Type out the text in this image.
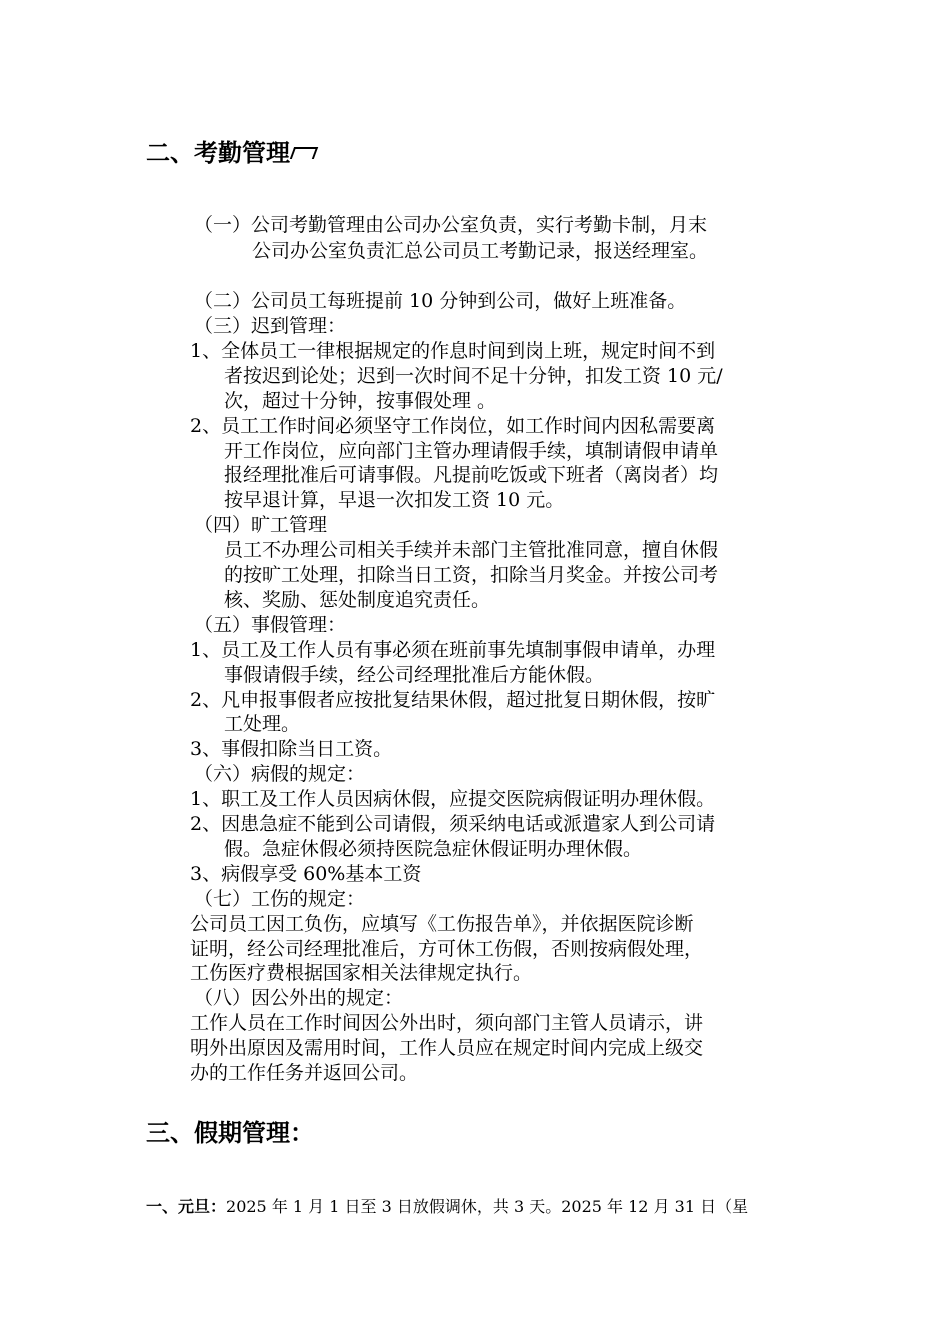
二、考勤管理
（一）公司考勤管理由公司办公室负责，实行考勤卡制，月末
公司办公室负责汇总公司员工考勤记录，报送经理室。
（二）公司员工每班提前 10 分钟到公司，做好上班准备。
（三）迟到管理：
1、全体员工一律根据规定的作息时间到岗上班，规定时间不到
者按迟到论处；迟到一次时间不足十分钟，扣发工资 10 元/
次，超过十分钟，按事假处理 。
2、员工工作时间必须坚守工作岗位，如工作时间内因私需要离
开工作岗位，应向部门主管办理请假手续，填制请假申请单
报经理批准后可请事假。凡提前吃饭或下班者（离岗者）均
按早退计算，早退一次扣发工资 10 元。
（四）旷工管理
员工不办理公司相关手续并未部门主管批准同意，擅自休假
的按旷工处理，扣除当日工资，扣除当月奖金。并按公司考
核、奖励、惩处制度追究责任。
（五）事假管理：
1、员工及工作人员有事必须在班前事先填制事假申请单，办理
事假请假手续，经公司经理批准后方能休假。
2、凡申报事假者应按批复结果休假，超过批复日期休假，按旷
工处理。
3、事假扣除当日工资。
（六）病假的规定：
1、职工及工作人员因病休假，应提交医院病假证明办理休假。
2、因患急症不能到公司请假，须采纳电话或派遣家人到公司请
假。急症休假必须持医院急症休假证明办理休假。
3、病假享受 60%基本工资
（七）工伤的规定：
公司员工因工负伤，应填写《工伤报告单》，并依据医院诊断
证明，经公司经理批准后，方可休工伤假，否则按病假处理，
工伤医疗费根据国家相关法律规定执行。
（八）因公外出的规定：
工作人员在工作时间因公外出时，须向部门主管人员请示，讲
明外出原因及需用时间，工作人员应在规定时间内完成上级交
办的工作任务并返回公司。
三、假期管理：
一、元旦：2025 年 1 月 1 日至 3 日放假调休，共 3 天。2025 年 12 月 31 日（星
